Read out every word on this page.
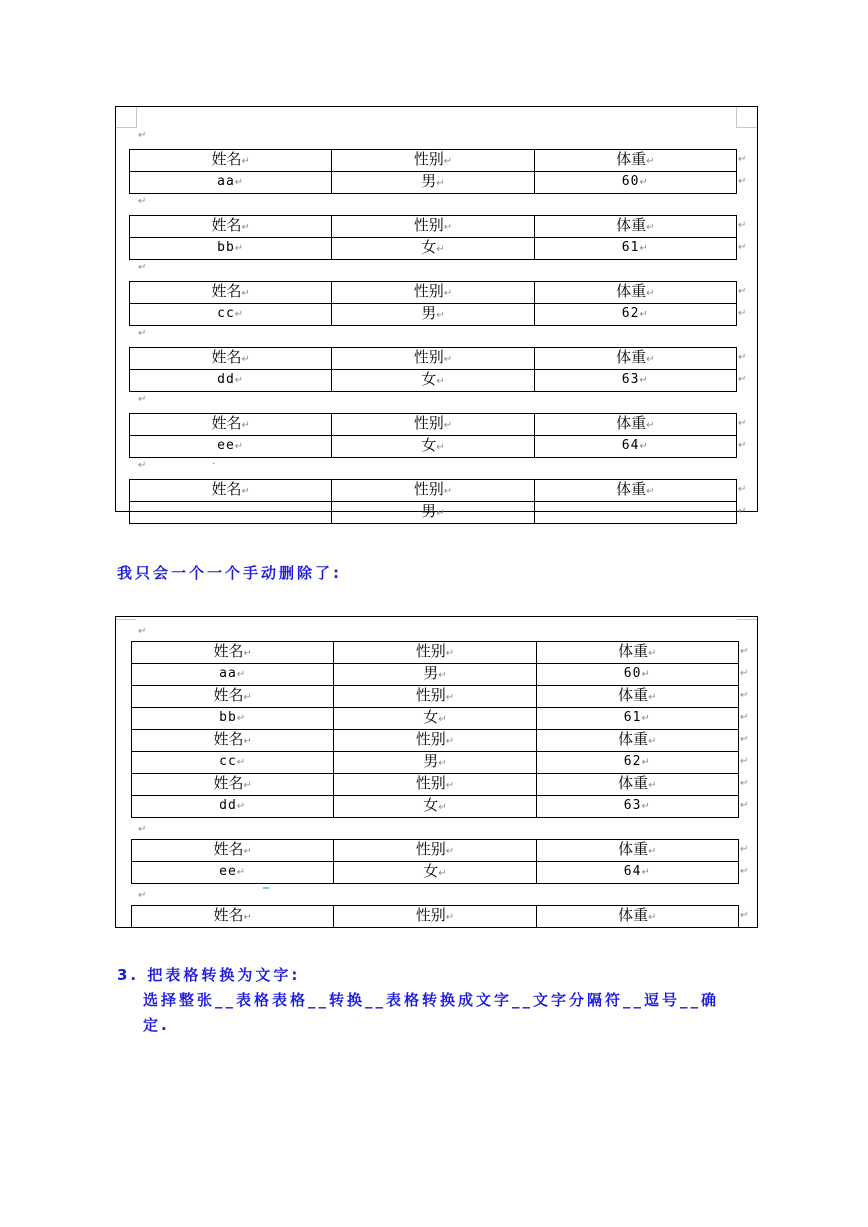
↵
↵
↵
姓名↵	性别↵	体重↵
aa↵	男↵	60↵
↵
↵
↵
姓名↵	性别↵	体重↵
bb↵	女↵	61↵
↵
↵
↵
姓名↵	性别↵	体重↵
cc↵	男↵	62↵
↵
↵
↵
姓名↵	性别↵	体重↵
dd↵	女↵	63↵
↵
↵
↵
姓名↵	性别↵	体重↵
ee↵	女↵	64↵
↵
↵
↵
姓名↵	性别↵	体重↵
	男↵	
.
我只会一个一个手动删除了:
↵
↵
↵
↵
↵
↵
↵
↵
↵
姓名↵	性别↵	体重↵
aa↵	男↵	60↵
姓名↵	性别↵	体重↵
bb↵	女↵	61↵
姓名↵	性别↵	体重↵
cc↵	男↵	62↵
姓名↵	性别↵	体重↵
dd↵	女↵	63↵
↵
↵
↵
姓名↵	性别↵	体重↵
ee↵	女↵	64↵
↵
↵
姓名↵	性别↵	体重↵
3. 把表格转换为文字:
选择整张__表格表格__转换__表格转换成文字__文字分隔符__逗号__确
定.
